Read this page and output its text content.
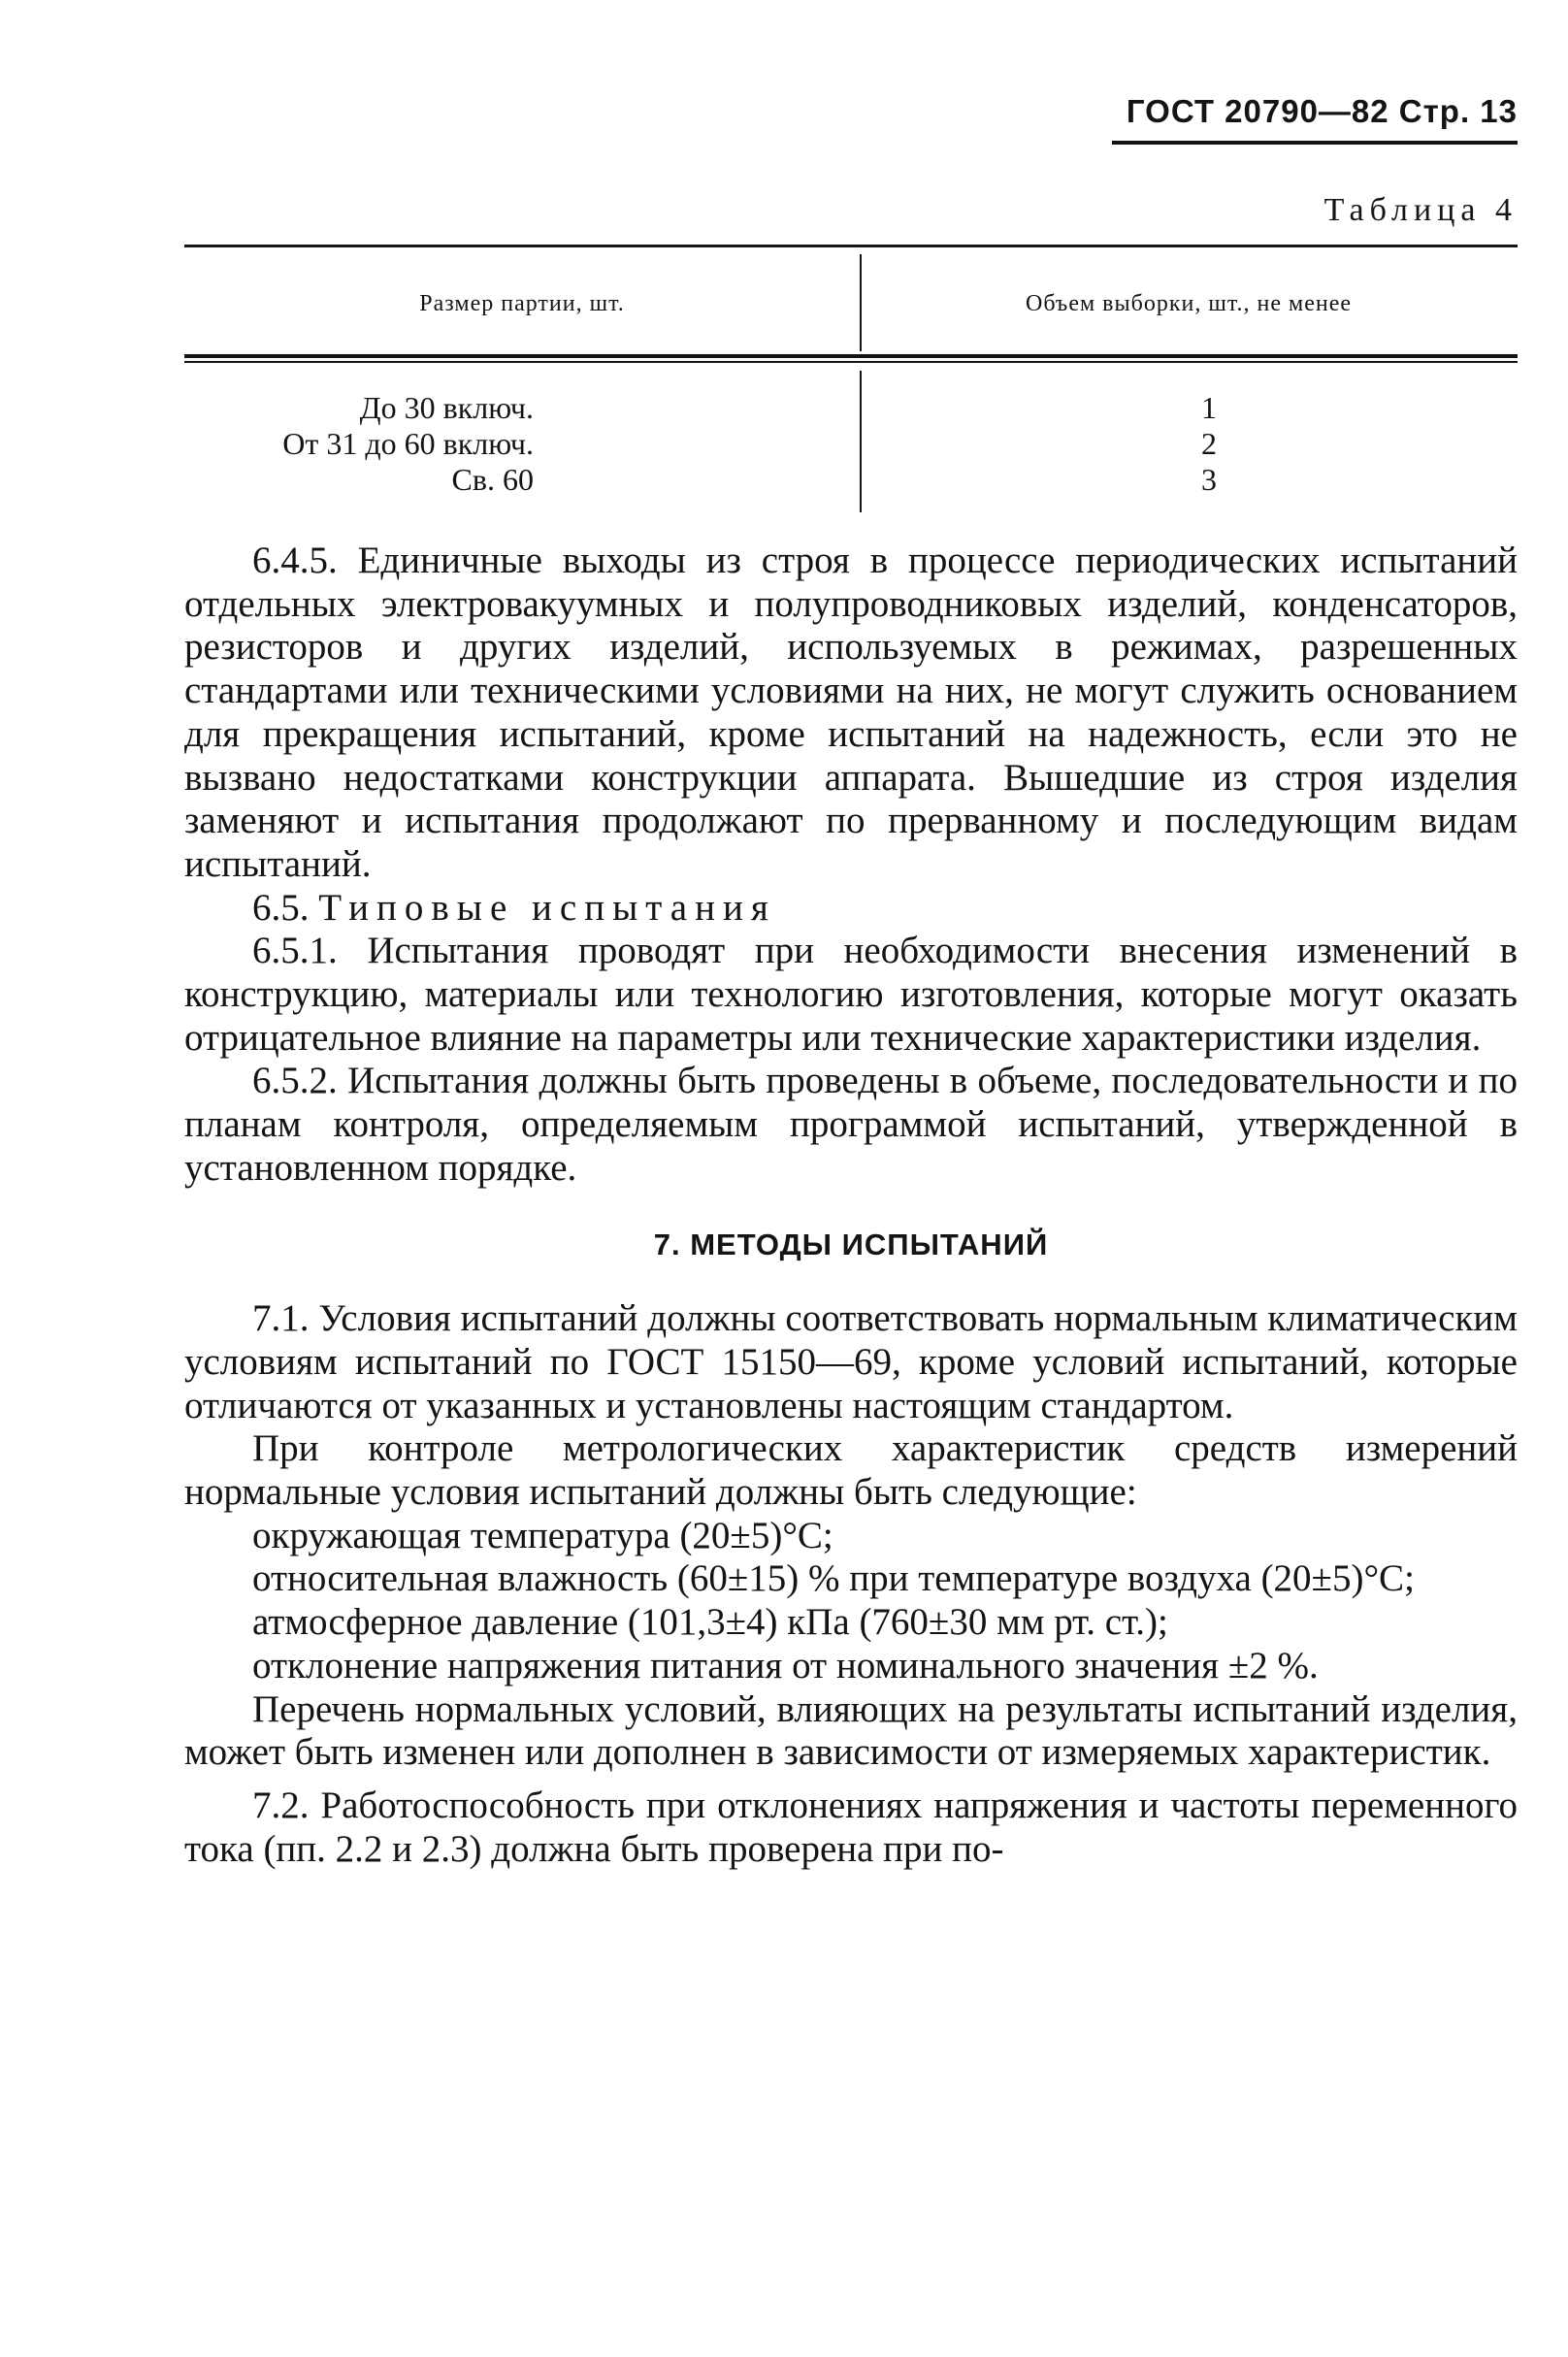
ГОСТ 20790—82 Стр. 13
Таблица 4
Размер партии, шт.	Объем выборки, шт., не менее
До 30 включ.
От 31 до 60 включ.
Св. 60
1
2
3

6.4.5. Единичные выходы из строя в процессе периодических испытаний отдельных электровакуумных и полупроводниковых изделий, конденсаторов, резисторов и других изделий, используемых в режимах, разрешенных стандартами или техническими условиями на них, не могут служить основанием для прекращения испытаний, кроме испытаний на надежность, если это не вызвано недостатками конструкции аппарата. Вышедшие из строя изделия заменяют и испытания продолжают по прерванному и последующим видам испытаний.

6.5. Типовые испытания

6.5.1. Испытания проводят при необходимости внесения изменений в конструкцию, материалы или технологию изготовления, которые могут оказать отрицательное влияние на параметры или технические характеристики изделия.

6.5.2. Испытания должны быть проведены в объеме, последовательности и по планам контроля, определяемым программой испытаний, утвержденной в установленном порядке.

7. МЕТОДЫ ИСПЫТАНИЙ

7.1. Условия испытаний должны соответствовать нормальным климатическим условиям испытаний по ГОСТ 15150—69, кроме условий испытаний, которые отличаются от указанных и установлены настоящим стандартом.

При контроле метрологических характеристик средств измерений нормальные условия испытаний должны быть следующие:

окружающая температура (20±5)°С;

относительная влажность (60±15) % при температуре воздуха (20±5)°С;

атмосферное давление (101,3±4) кПа (760±30 мм рт. ст.);

отклонение напряжения питания от номинального значения ±2 %.

Перечень нормальных условий, влияющих на результаты испытаний изделия, может быть изменен или дополнен в зависимости от измеряемых характеристик.

7.2. Работоспособность при отклонениях напряжения и частоты переменного тока (пп. 2.2 и 2.3) должна быть проверена при по-
